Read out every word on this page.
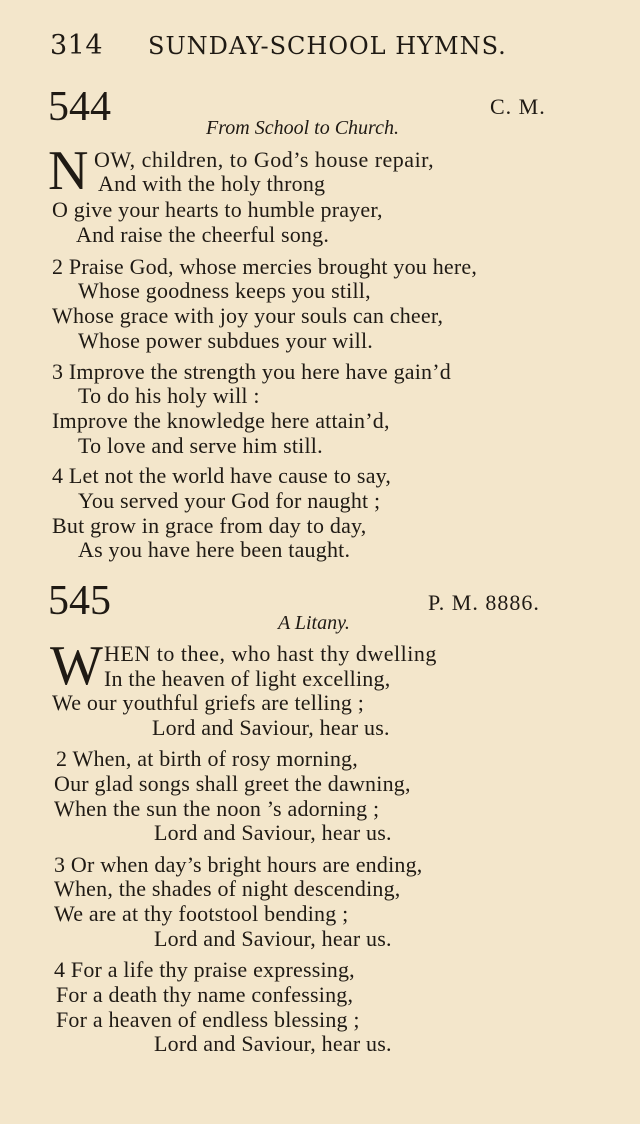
314 SUNDAY-SCHOOL HYMNS.
544	C. M.
From School to Church.
N OW, children, to God’s house repair,
And with the holy throng
O give your hearts to humble prayer,
And raise the cheerful song.
2 Praise God, whose mercies brought you here,
Whose goodness keeps you still,
Whose grace with joy your souls can cheer,
Whose power subdues your will.
3 Improve the strength you here have gain’d
To do his holy will :
Improve the knowledge here attain’d,
To love and serve him still.
4 Let not the world have cause to say,
You served your God for naught ;
But grow in grace from day to day,
As you have here been taught.
545	P. M. 8886.
A Litany.
W HEN to thee, who hast thy dwelling
In the heaven of light excelling,
We our youthful griefs are telling ;
Lord and Saviour, hear us.
2 When, at birth of rosy morning,
Our glad songs shall greet the dawning,
When the sun the noon ’s adorning ;
Lord and Saviour, hear us.
3 Or when day’s bright hours are ending,
When, the shades of night descending,
We are at thy footstool bending ;
Lord and Saviour, hear us.
4 For a life thy praise expressing,
For a death thy name confessing,
For a heaven of endless blessing ;
Lord and Saviour, hear us.
